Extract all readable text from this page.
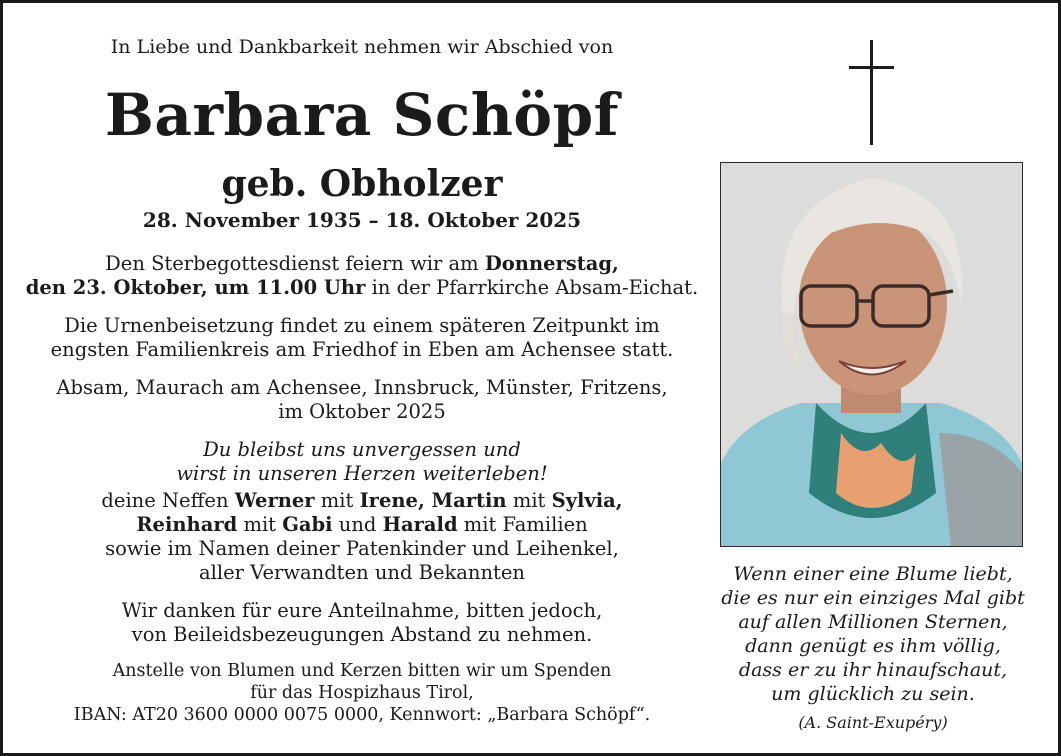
In Liebe und Dankbarkeit nehmen wir Abschied von
Barbara Schöpf
geb. Obholzer
28. November 1935 – 18. Oktober 2025
Den Sterbegottesdienst feiern wir am Donnerstag,
den 23. Oktober, um 11.00 Uhr in der Pfarrkirche Absam-Eichat.
Die Urnenbeisetzung findet zu einem späteren Zeitpunkt im
engsten Familienkreis am Friedhof in Eben am Achensee statt.
Absam, Maurach am Achensee, Innsbruck, Münster, Fritzens,
im Oktober 2025
Du bleibst uns unvergessen und
wirst in unseren Herzen weiterleben!
deine Neffen Werner mit Irene, Martin mit Sylvia,
Reinhard mit Gabi und Harald mit Familien
sowie im Namen deiner Patenkinder und Leihenkel,
aller Verwandten und Bekannten
Wir danken für eure Anteilnahme, bitten jedoch,
von Beileidsbezeugungen Abstand zu nehmen.
Anstelle von Blumen und Kerzen bitten wir um Spenden
für das Hospizhaus Tirol,
IBAN: AT20 3600 0000 0075 0000, Kennwort: „Barbara Schöpf“.
Wenn einer eine Blume liebt,
die es nur ein einziges Mal gibt
auf allen Millionen Sternen,
dann genügt es ihm völlig,
dass er zu ihr hinaufschaut,
um glücklich zu sein.
(A. Saint-Exupéry)
